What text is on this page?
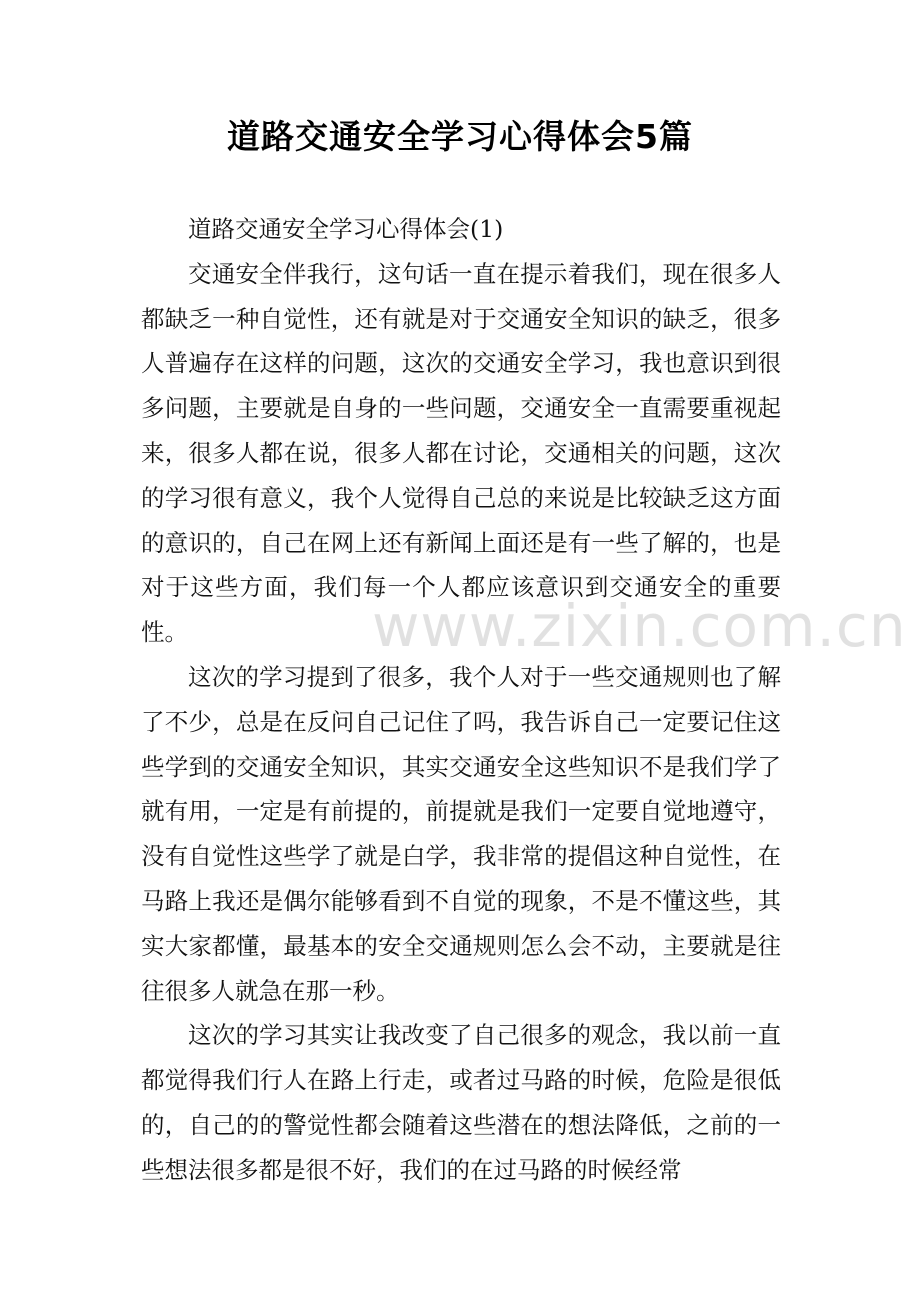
道路交通安全学习心得体会5篇

道路交通安全学习心得体会(1)

交通安全伴我行，这句话一直在提示着我们，现在很多人都缺乏一种自觉性，还有就是对于交通安全知识的缺乏，很多人普遍存在这样的问题，这次的交通安全学习，我也意识到很多问题，主要就是自身的一些问题，交通安全一直需要重视起来，很多人都在说，很多人都在讨论，交通相关的问题，这次的学习很有意义，我个人觉得自己总的来说是比较缺乏这方面的意识的，自己在网上还有新闻上面还是有一些了解的，也是对于这些方面，我们每一个人都应该意识到交通安全的重要性。

这次的学习提到了很多，我个人对于一些交通规则也了解了不少，总是在反问自己记住了吗，我告诉自己一定要记住这些学到的交通安全知识，其实交通安全这些知识不是我们学了就有用，一定是有前提的，前提就是我们一定要自觉地遵守，没有自觉性这些学了就是白学，我非常的提倡这种自觉性，在马路上我还是偶尔能够看到不自觉的现象，不是不懂这些，其实大家都懂，最基本的安全交通规则怎么会不动，主要就是往往很多人就急在那一秒。

这次的学习其实让我改变了自己很多的观念，我以前一直都觉得我们行人在路上行走，或者过马路的时候，危险是很低的，自己的的警觉性都会随着这些潜在的想法降低，之前的一些想法很多都是很不好，我们的在过马路的时候经常

www.zixin.com.cn
